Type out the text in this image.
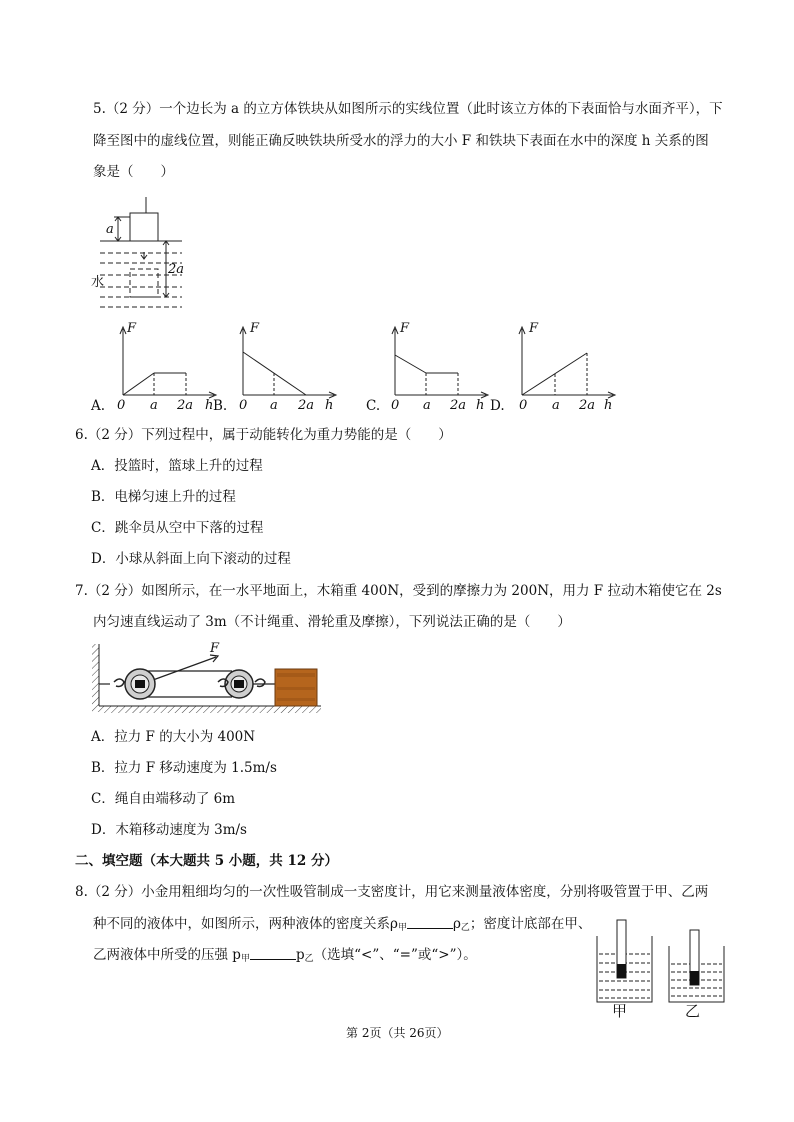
5.（2 分）一个边长为 a 的立方体铁块从如图所示的实线位置（此时该立方体的下表面恰与水面齐平），下
降至图中的虚线位置，则能正确反映铁块所受水的浮力的大小 F 和铁块下表面在水中的深度 h 关系的图
象是（　　）
a
2a
水
F	F	F	F
A. 0 a 2a h B. 0 a 2a h C. 0 a 2a h D. 0 a 2a h
6.（2 分）下列过程中，属于动能转化为重力势能的是（　　）
A．投篮时，篮球上升的过程
B．电梯匀速上升的过程
C．跳伞员从空中下落的过程
D．小球从斜面上向下滚动的过程
7.（2 分）如图所示，在一水平地面上，木箱重 400N，受到的摩擦力为 200N，用力 F 拉动木箱使它在 2s
内匀速直线运动了 3m（不计绳重、滑轮重及摩擦），下列说法正确的是（　　）
F
A．拉力 F 的大小为 400N
B．拉力 F 移动速度为 1.5m/s
C．绳自由端移动了 6m
D．木箱移动速度为 3m/s
二、填空题（本大题共 5 小题，共 12 分）
8.（2 分）小金用粗细均匀的一次性吸管制成一支密度计，用它来测量液体密度，分别将吸管置于甲、乙两
种不同的液体中，如图所示，两种液体的密度关系$\rho_甲$	$\rho_乙$；密度计底部在甲、
乙两液体中所受的压强 $p_甲$	$p_乙$（选填“<”、“=”或“>”）。
甲	乙
第 2页（共 26页）
